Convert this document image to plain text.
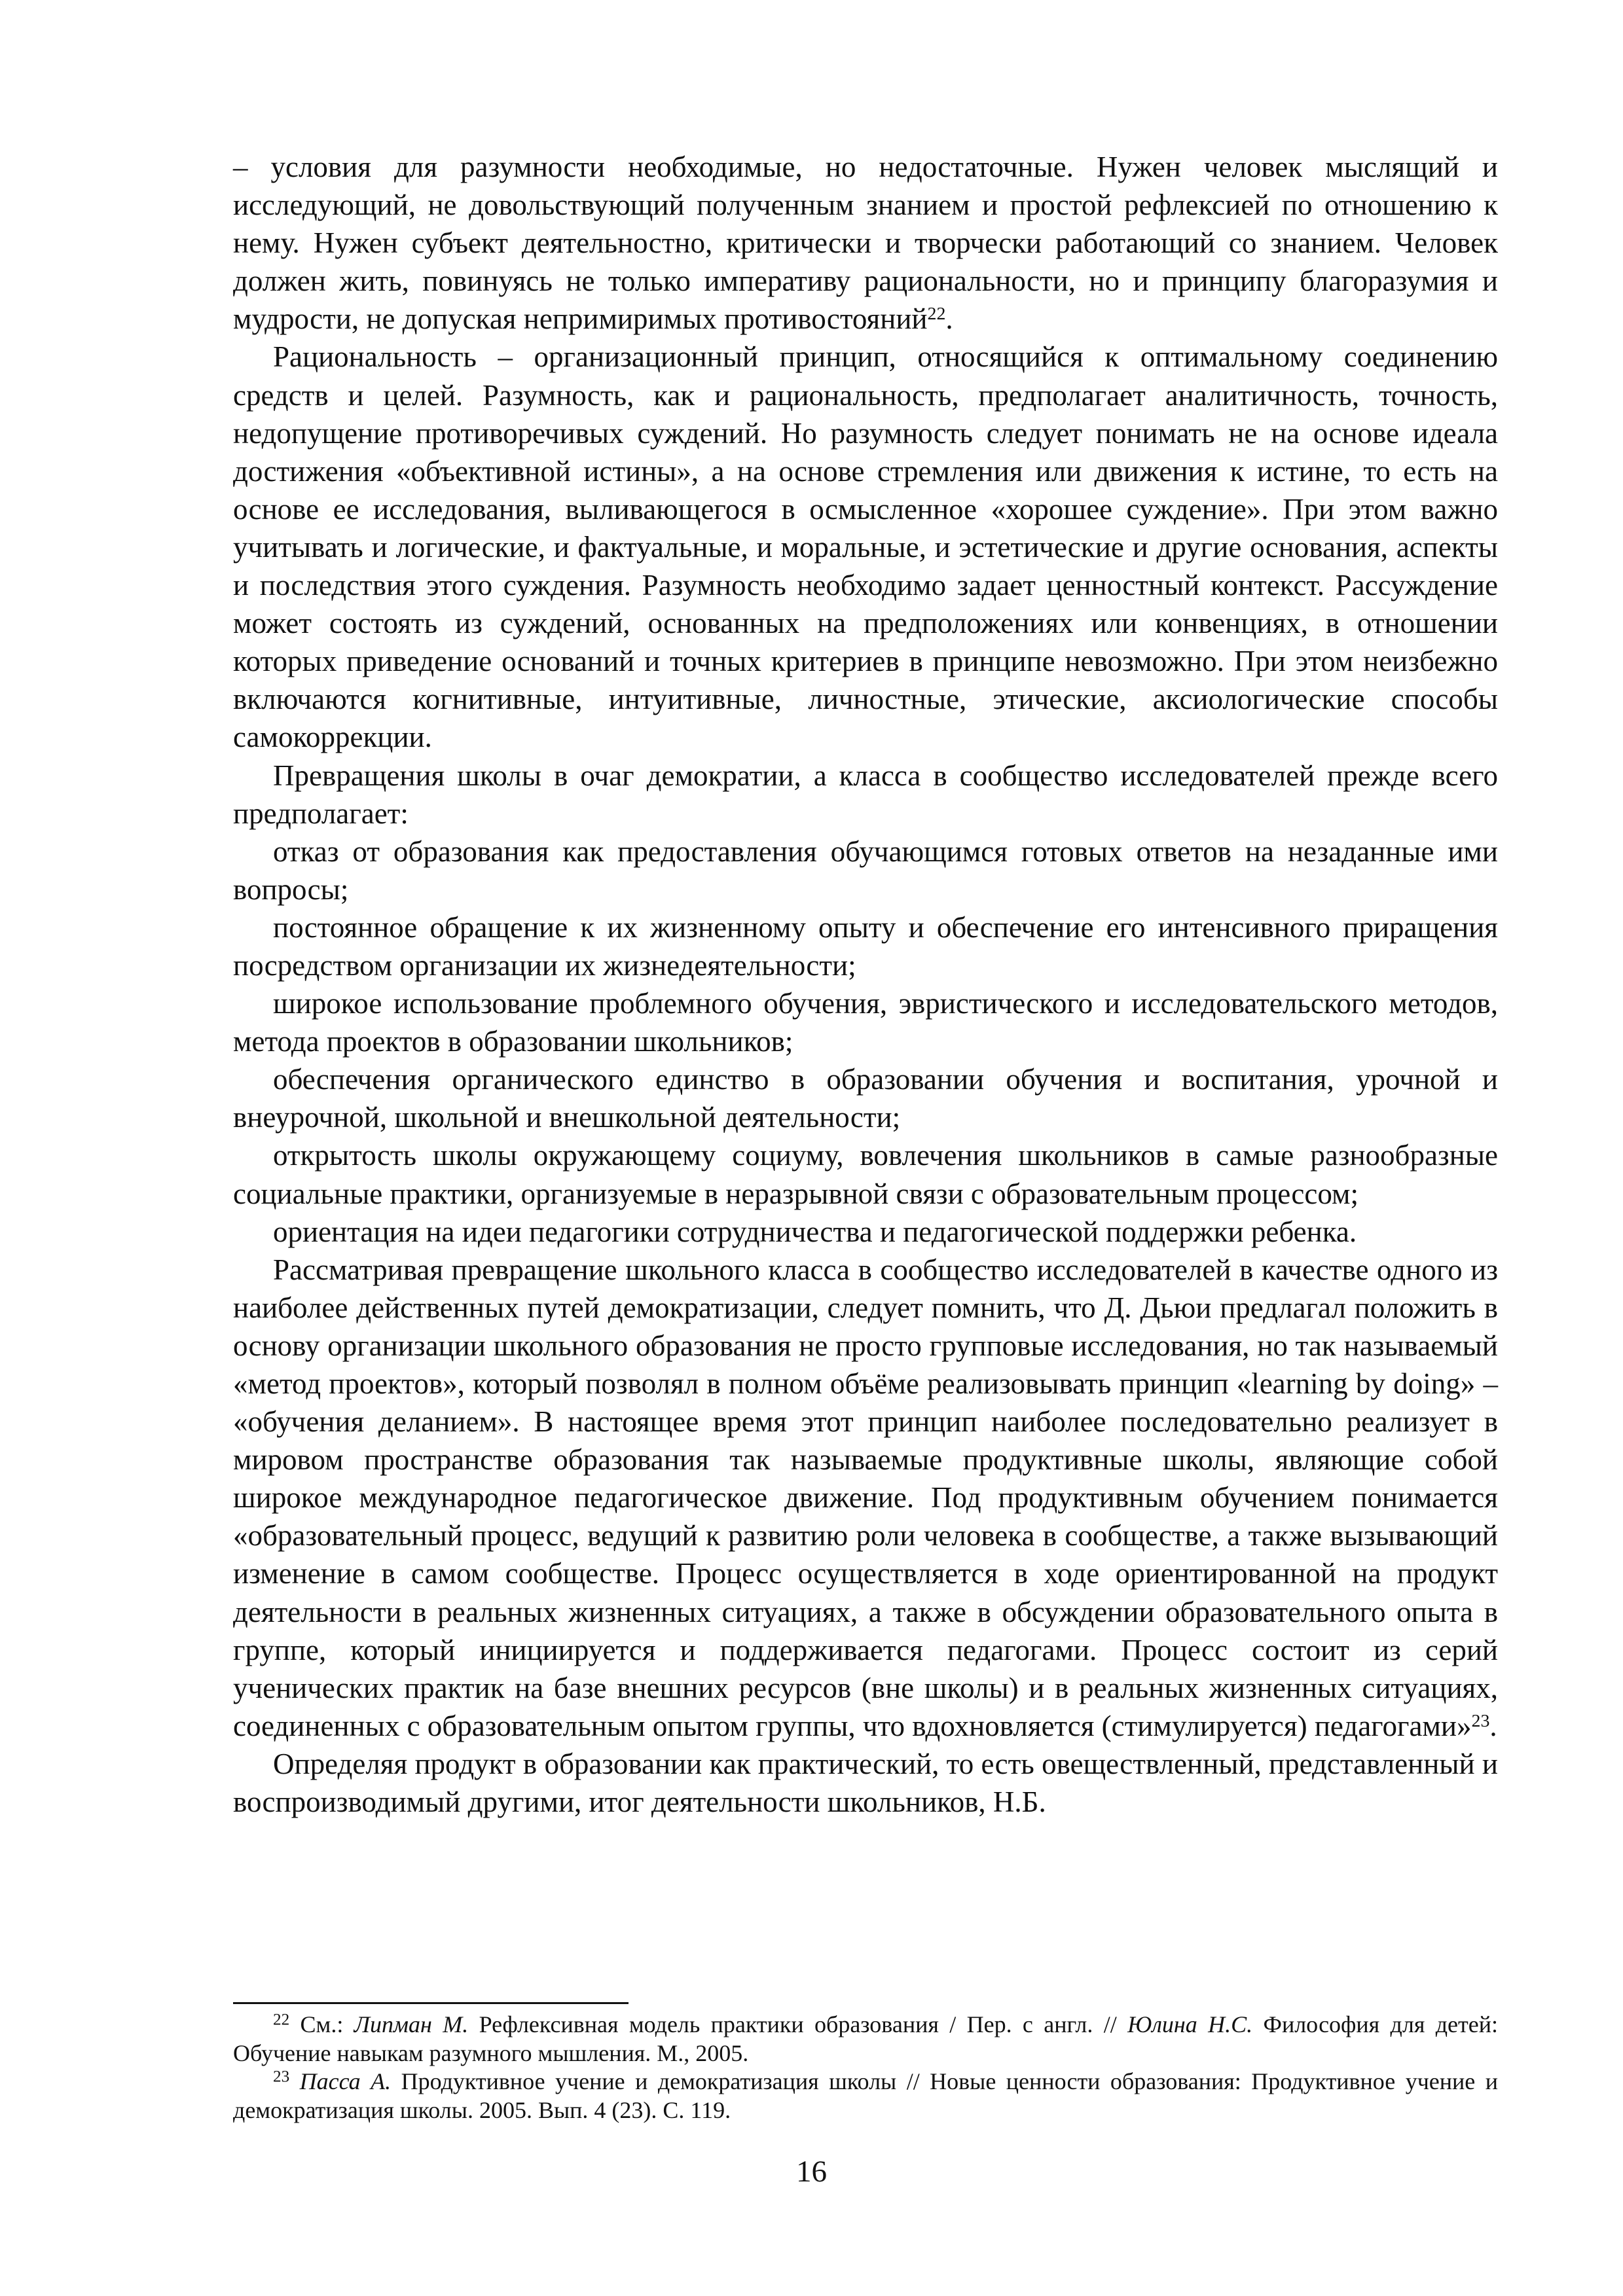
– условия для разумности необходимые, но недостаточные. Нужен человек мыслящий и исследующий, не довольствующий полученным знанием и простой рефлексией по отношению к нему. Нужен субъект деятельностно, критически и творчески работающий со знанием. Человек должен жить, повинуясь не только императиву рациональности, но и принципу благоразумия и мудрости, не допуская непримиримых противостояний$^{22}$.

Рациональность – организационный принцип, относящийся к оптимальному соединению средств и целей. Разумность, как и рациональность, предполагает аналитичность, точность, недопущение противоречивых суждений. Но разумность следует понимать не на основе идеала достижения «объективной истины», а на основе стремления или движения к истине, то есть на основе ее исследования, выливающегося в осмысленное «хорошее суждение». При этом важно учитывать и логические, и фактуальные, и моральные, и эстетические и другие основания, аспекты и последствия этого суждения. Разумность необходимо задает ценностный контекст. Рассуждение может состоять из суждений, основанных на предположениях или конвенциях, в отношении которых приведение оснований и точных критериев в принципе невозможно. При этом неизбежно включаются когнитивные, интуитивные, личностные, этические, аксиологические способы самокоррекции.

Превращения школы в очаг демократии, а класса в сообщество исследователей прежде всего предполагает:

отказ от образования как предоставления обучающимся готовых ответов на незаданные ими вопросы;

постоянное обращение к их жизненному опыту и обеспечение его интенсивного приращения посредством организации их жизнедеятельности;

широкое использование проблемного обучения, эвристического и исследовательского методов, метода проектов в образовании школьников;

обеспечения органического единство в образовании обучения и воспитания, урочной и внеурочной, школьной и внешкольной деятельности;

открытость школы окружающему социуму, вовлечения школьников в самые разнообразные социальные практики, организуемые в неразрывной связи с образовательным процессом;

ориентация на идеи педагогики сотрудничества и педагогической поддержки ребенка.

Рассматривая превращение школьного класса в сообщество исследователей в качестве одного из наиболее действенных путей демократизации, следует помнить, что Д. Дьюи предлагал положить в основу организации школьного образования не просто групповые исследования, но так называемый «метод проектов», который позволял в полном объёме реализовывать принцип «learning by doing» – «обучения деланием». В настоящее время этот принцип наиболее последовательно реализует в мировом пространстве образования так называемые продуктивные школы, являющие собой широкое международное педагогическое движение. Под продуктивным обучением понимается «образовательный процесс, ведущий к развитию роли человека в сообществе, а также вызывающий изменение в самом сообществе. Процесс осуществляется в ходе ориентированной на продукт деятельности в реальных жизненных ситуациях, а также в обсуждении образовательного опыта в группе, который инициируется и поддерживается педагогами. Процесс состоит из серий ученических практик на базе внешних ресурсов (вне школы) и в реальных жизненных ситуациях, соединенных с образовательным опытом группы, что вдохновляется (стимулируется) педагогами»$^{23}$.

Определяя продукт в образовании как практический, то есть овеществленный, представленный и воспроизводимый другими, итог деятельности школьников, Н.Б.

$^{22}$ См.: Липман М. Рефлексивная модель практики образования / Пер. с англ. // Юлина Н.С. Философия для детей: Обучение навыкам разумного мышления. М., 2005.

$^{23}$ Пасса А. Продуктивное учение и демократизация школы // Новые ценности образования: Продуктивное учение и демократизация школы. 2005. Вып. 4 (23). С. 119.

16
